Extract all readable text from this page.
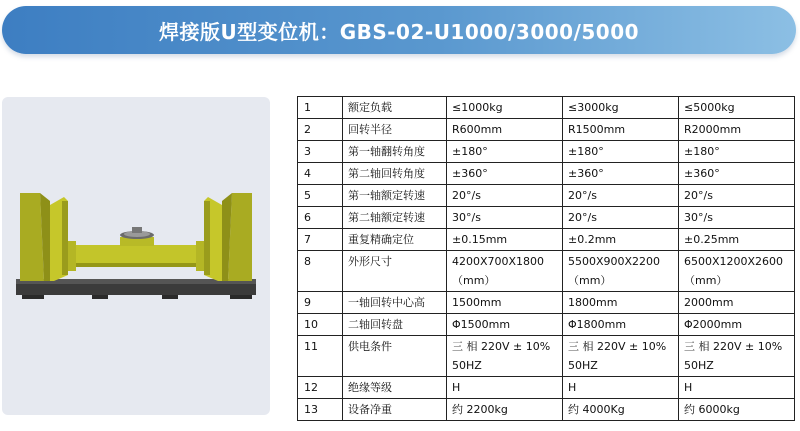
焊接版U型变位机：GBS-02-U1000/3000/5000
1	额定负载	≤1000kg	≤3000kg	≤5000kg
2	回转半径	R600mm	R1500mm	R2000mm
3	第一轴翻转角度	±180°	±180°	±180°
4	第二轴回转角度	±360°	±360°	±360°
5	第一轴额定转速	20°/s	20°/s	20°/s
6	第二轴额定转速	30°/s	20°/s	30°/s
7	重复精确定位	±0.15mm	±0.2mm	±0.25mm
8	外形尺寸	4200X700X1800（mm）	5500X900X2200（mm）	6500X1200X2600（mm）
9	一轴回转中心高	1500mm	1800mm	2000mm
10	二轴回转盘	Φ1500mm	Φ1800mm	Φ2000mm
11	供电条件	三 相 220V ± 10% 50HZ	三 相 220V ± 10% 50HZ	三 相 220V ± 10% 50HZ
12	绝缘等级	H	H	H
13	设备净重	约 2200kg	约 4000Kg	约 6000kg
